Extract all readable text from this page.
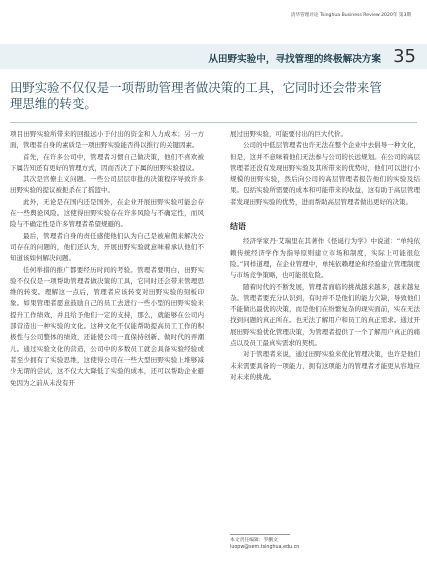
清华管理评论 Tsinghua Business Review 2020年 第3期
从田野实验中，寻找管理的终极解决方案 35
田野实验不仅仅是一项帮助管理者做决策的工具，它同时还会带来管理思维的转变。

项目田野实验所带来的回报远小于付出的资金和人力成本；另一方面，管理者自身的素质是一项田野实验能否得以推行的关键因素。

首先，在许多公司中，管理者习惯自己做决策，他们不喜欢被下属告知还有更好的管理方式，因而否决了下属的田野实验提议。

其次是官僚主义问题。一些公司层层审批的决策程序导致许多田野实验的提议被扼杀在了摇篮中。

此外，无论是在国内还是国外，在企业开展田野实验可能会存在一些舆论风险。这使得田野实验存在许多风险与不确定性，而风险与不确定性是许多管理者希望规避的。

最后，管理者自身的责任感使他们认为自己是被雇佣来解决公司存在的问题的，他们还认为，开展田野实验就意味着承认他们不知道该如何解决问题。

任何举措的推广都要经历时间的考验。管理者要明白，田野实验不仅仅是一项帮助管理者做决策的工具，它同时还会带来管理思维的转变。理解这一点后，管理者应该转变对田野实验的刻板印象。如果管理者愿意鼓励自己的员工去进行一些小型的田野实验来提升工作绩效，并且给予他们一定的支持，那么，就能够在公司内部营造出一种实验的文化。这种文化不仅能帮助提高员工工作的积极性与公司整体的绩效，还能使公司一直保持创新、做时代的弄潮儿。通过实验文化的营造，公司中的多数员工就会具备实验经验或者至少拥有了实验思维，这使得公司在一些大型田野实验上堆够减少无谓的尝试，这不仅大大降低了实验的成本，还可以帮助企业避免因为之前从未没有开

展过田野实验，可能要付出的巨大代价。

公司的中低层管理者也许无法在整个企业中去倡导一种文化，但是，这并不意味着他们无法参与公司的长远规划。在公司的高层管理者还没有发现田野实验及其所带来的优势时，他们可以进行小规模的田野实验，然后向公司的高层管理者报告他们的实验及结果。包括实验所需要的成本和可能带来的收益，这有助于高层管理者发现田野实验的优势，进而帮助高层管理者做出更好的决策。

结语

经济学家丹·艾瑞里在其著作《怪诞行为学》中说道：“单纯依赖传统经济学作为指导原则建立市场和制度，实际上可能很危险。”同样道理，在企业管理中，单纯依赖理论和经验建立管理制度与市场竞争策略，也可能很危险。

随着时代的不断发展，管理者面临的挑战越来越多，越来越复杂。管理者要充分认识到，有时并不是他们的能力欠缺，导致他们不能做出最优的决策，而是他们在纷繁复杂的现实面前，实在无法找到问题的真正所在。也无法了解用户和员工的真正需求。通过开展田野实验优化管理决策，为管理者提供了一个了解用户真正的痛点以及员工最真实需求的契机。

对于管理者来说，通过田野实验来优化管理决策，也许是他们未来需要具备的一项能力，拥有这项能力的管理者才能更从容地应对未来的挑战。

本文责任编辑：罗鹏文
luopw@sem.tsinghua.edu.cn
